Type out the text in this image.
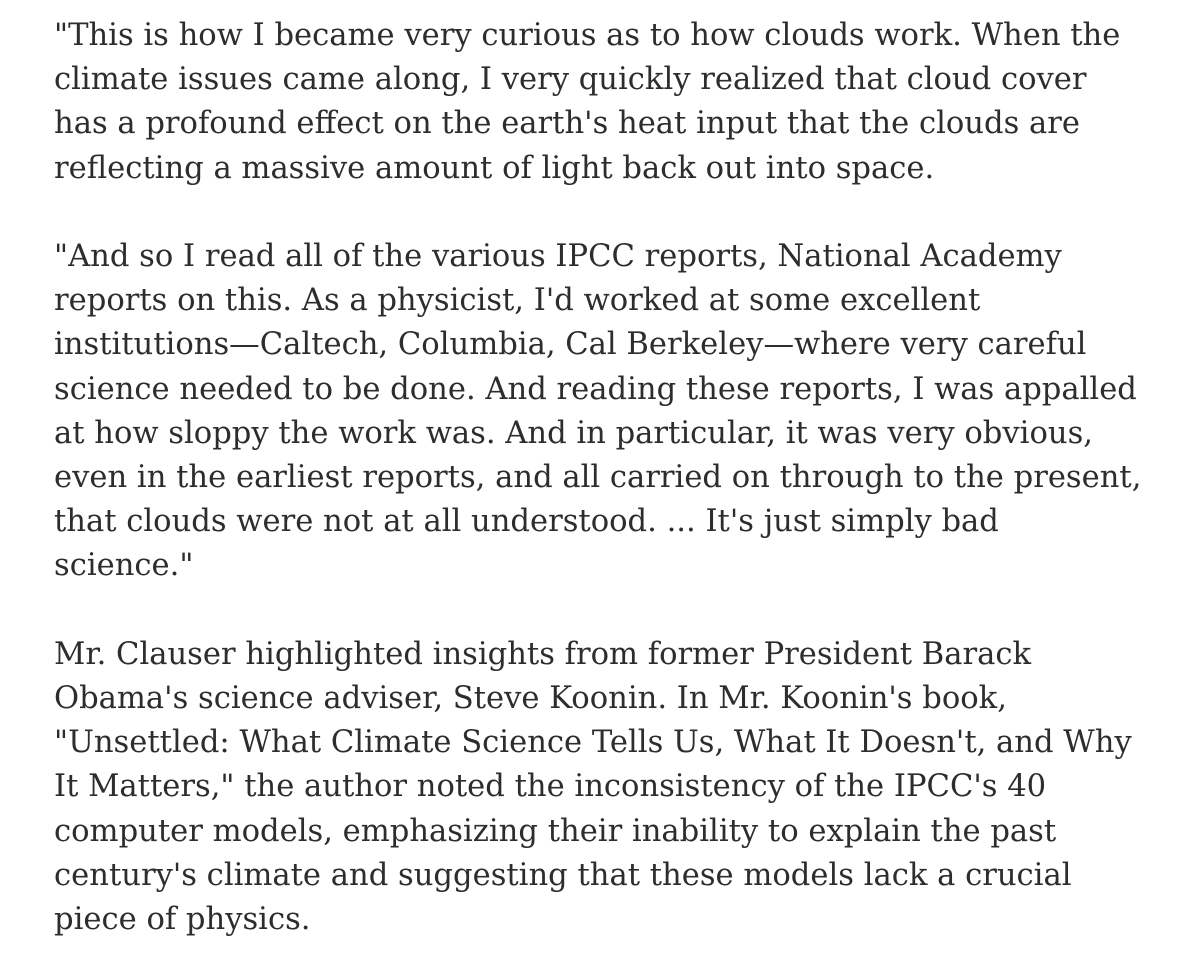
"This is how I became very curious as to how clouds work. When the
climate issues came along, I very quickly realized that cloud cover
has a profound effect on the earth's heat input that the clouds are
reflecting a massive amount of light back out into space.

"And so I read all of the various IPCC reports, National Academy
reports on this. As a physicist, I'd worked at some excellent
institutions—Caltech, Columbia, Cal Berkeley—where very careful
science needed to be done. And reading these reports, I was appalled
at how sloppy the work was. And in particular, it was very obvious,
even in the earliest reports, and all carried on through to the present,
that clouds were not at all understood. ... It's just simply bad
science."

Mr. Clauser highlighted insights from former President Barack
Obama's science adviser, Steve Koonin. In Mr. Koonin's book,
"Unsettled: What Climate Science Tells Us, What It Doesn't, and Why
It Matters," the author noted the inconsistency of the IPCC's 40
computer models, emphasizing their inability to explain the past
century's climate and suggesting that these models lack a crucial
piece of physics.
